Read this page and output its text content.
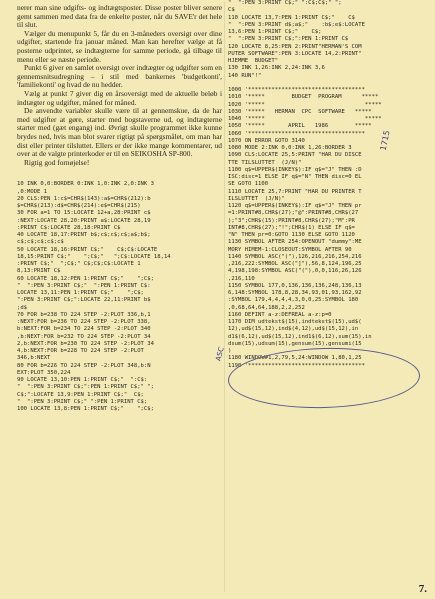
nerer man sine udgifts- og indtægtsposter. Disse poster bliver senere gemt sammen med data fra de enkelte poster, når du SAVE'r det hele til slut.

Vælger du menupunkt 5, får du en 3-måneders oversigt over dine udgifter, startende fra januar måned. Man kan herefter vælge at få posterne udprintet, se indtægterne for samme periode, gå tilbage til menu eller se næste periode.

Punkt 6 giver en samlet oversigt over indtægter og udgifter som en gennemsnitsudregning – i stil med bankernes 'budgetkonti', 'familiekonti' og hvad de nu hedder.

Vælg at punkt 7 giver dig en årsoversigt med de aktuelle beløb i indtægter og udgifter, måned for måned.

De anvendte variabler skulle være til at gennemskue, da de har med udgifter at gøre, starter med bogstaverne ud, og indtægterne starter med (gæt engang) ind. Øvrigt skulle programmet ikke kunne brydes ned, hvis man blot svarer rigtigt på spørgsmålet, om man har dist eller printer tilsluttet. Ellers er der ikke mange kommentarer, ud over at de valgte printerkoder er til en SEIKOSHA SP-800.

Rigtig god fornøjelse!

10 INK 0,0:BORDER 0:INK 1,0:INK 2,0:INK 3
,0:MODE 1
20 CLS:PEN 1:c$=CHR$(143):a$=CHR$(212):b
$=CHR$(213):d$=CHR$(214):e$=CHR$(215)
30 FOR a=1 TO 15:LOCATE 12+a,28:PRINT c$
:NEXT:LOCATE 28,20:PRINT a$:LOCATE 28,19
:PRINT C$:LOCATE 28,18:PRINT C$
40 LOCATE 18,17:PRINT b$;c$;c$;c$;a$;b$;
c$;c$;c$;c$;c$
50 LOCATE 18,16:PRINT C$;"    C$;C$:LOCATE
18,15:PRINT C$;"    ";C$;"   ";C$:LOCATE 18,14
:PRINT C$;"  ";C$;" C$;C$;C$:LOCATE 1
8,13:PRINT C$
60 LOCATE 18,12:PEN 1:PRINT C$;"    ";C$;
"  ":PEN 3:PRINT C$;"  ":PEN 1:PRINT C$:
LOCATE 13,11:PEN 1:PRINT C$;"    ";C$;
":PEN 3:PRINT C$;":LOCATE 22,11:PRINT b$
;d$
70 FOR b=238 TO 224 STEP -2:PLOT 336,b,1
:NEXT:FOR b=236 TO 224 STEP -2:PLOT 338,
b:NEXT:FOR b=234 TO 224 STEP -2:PLOT 340
,b:NEXT:FOR b=232 TO 224 STEP -2:PLOT 34
2,b:NEXT:FOR b=230 TO 224 STEP -2:PLOT 34
4,b:NEXT:FOR b=228 TO 224 STEP -2:PLOT
346,b:NEXT
80 FOR b=226 TO 224 STEP -2:PLOT 348,b:N
EXT:PLOT 350,224
90 LOCATE 13,10:PEN 1:PRINT C$;"  ":C$:
"  ":PEN 3:PRINT C$;":PEN 1:PRINT C$;" ";
C$;":LOCATE 13,9:PEN 1:PRINT C$;"  C$;
"  ":PEN 3:PRINT C$;" ":PEN 1:PRINT C$;
100 LOCATE 13,8:PEN 1:PRINT C$;"    ";C$;
"  ":PEN 3:PRINT C$;" ":C$;C$;" ";
C$
110 LOCATE 13,7:PEN 1:PRINT C$;"    C$
"  ":PEN 3:PRINT d$;a$;"    :b$;e$:LOCATE
13,6:PEN 1:PRINT C$;"    C$;
"  ":PEN 3:PRINT C$;":PEN 1:PRINT C$
120 LOCATE 8,25:PEN 2:PRINT"HERMAN'S COM
PUTER SOFTWARE":PEN 3:LOCATE 14,2:PRINT"
HJEMME  BUDGET"
130 INK 1,26:INK 2,24:INK 3,6
140 RUN"!"

1000 '***********************************
1010 '*****        BUDGET  PROGRAM      *****
1020 '*****                              *****
1030 '*****   HERMAN  CPC  SOFTWARE   *****
1040 '*****                              *****
1050 '*****       APRIL   1986        *****
1060 '***********************************
1070 ON ERROR GOTO 3140
1080 MODE 2:INK 0,0:INK 1,26:BORDER 3
1090 CLS:LOCATE 25,5:PRINT "HAR DU DISCE
TTE TILSLUTTET  (J/N)"
1100 q$=UPPER$(INKEY$):IF q$="J" THEN :D
ISC:disc=1 ELSE IF q$="N" THEN disc=0 EL
SE GOTO 1100
1110 LOCATE 25,7:PRINT "HAR DU PRINTER T
ILSLUTTET  (J/N)"
1120 q$=UPPER$(INKEY$):IF q$="J" THEN pr
=1:PRINT#8,CHR$(27);"@":PRINT#8,CHR$(27
);"3";CHR$(15):PRINT#8,CHR$(27);"M":PR
INT#8,CHR$(27);"!";CHR$(1) ELSE IF q$=
"N" THEN pr=0:GOTO 1130 ELSE GOTO 1120
1130 SYMBOL AFTER 254:OPENOUT "dummy":ME
MORY HIMEM-1:CLOSEOUT:SYMBOL AFTER 90
1140 SYMBOL ASC("("),126,216,216,254,216
,216,222:SYMBOL ASC("]"),56,8,124,196,25
4,198,198:SYMBOL ASC("("),0,0,116,26,126
,216,110
1150 SYMBOL 177,0,136,136,136,248,136,13
6,148:SYMBOL 178,8,28,34,93,01,93,162,92
:SYMBOL 179,4,4,4,4,3,0,0,25:SYMBOL 180
,0,68,64,64,188,2,2,252
1160 DEFINT a-z:DEFREAL a-z:p=0
1170 DIM udtekst$(15),indtekst$(15),ud$(
12),ud$(15,12),ind$(4,12),ud$(15,12),in
d1$(6,12),ud$(15,12),ind1$(6,12),sum(15),in
dsum(15),udsum(15),gensum(15),gensumi(15
)
1180 WINDOW#1,2,79,5,24:WINDOW 1,80,1,25
1190 '***********************************
1715
ASC
7.
